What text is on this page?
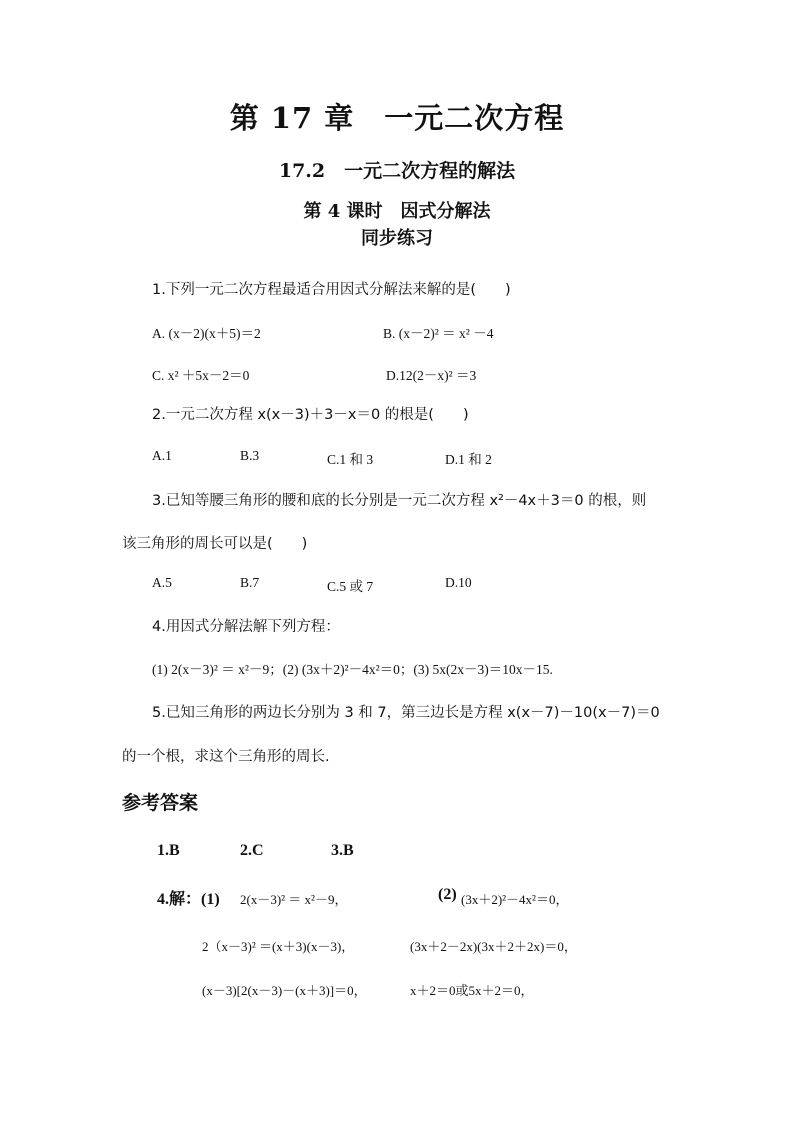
第 17 章　一元二次方程
17.2　一元二次方程的解法
第 4 课时　因式分解法
同步练习
1.下列一元二次方程最适合用因式分解法来解的是(　　)
A. (x－2)(x＋5)＝2	B. (x－2)² ＝ x² －4
C. x² ＋5x－2＝0	D.12(2－x)² ＝3
2.一元二次方程 x(x－3)＋3－x＝0 的根是(　　)
A.1	B.3	C.1 和 3	D.1 和 2
3.已知等腰三角形的腰和底的长分别是一元二次方程 x²－4x＋3＝0 的根，则
该三角形的周长可以是(　　)
A.5	B.7	C.5 或 7	D.10
4.用因式分解法解下列方程：
(1) 2(x－3)² ＝ x²－9；(2) (3x＋2)²－4x²＝0；(3) 5x(2x－3)＝10x－15.
5.已知三角形的两边长分别为 3 和 7，第三边长是方程 x(x－7)－10(x－7)＝0
的一个根，求这个三角形的周长.
参考答案
1.B	2.C	3.B
4.解：(1) 2(x－3)² ＝ x²－9，	(2) (3x＋2)²－4x²＝0，
2（x－3)² ＝(x＋3)(x－3)，	(3x＋2－2x)(3x＋2＋2x)＝0，
(x－3)[2(x－3)－(x＋3)]＝0，	x＋2＝0或5x＋2＝0，
